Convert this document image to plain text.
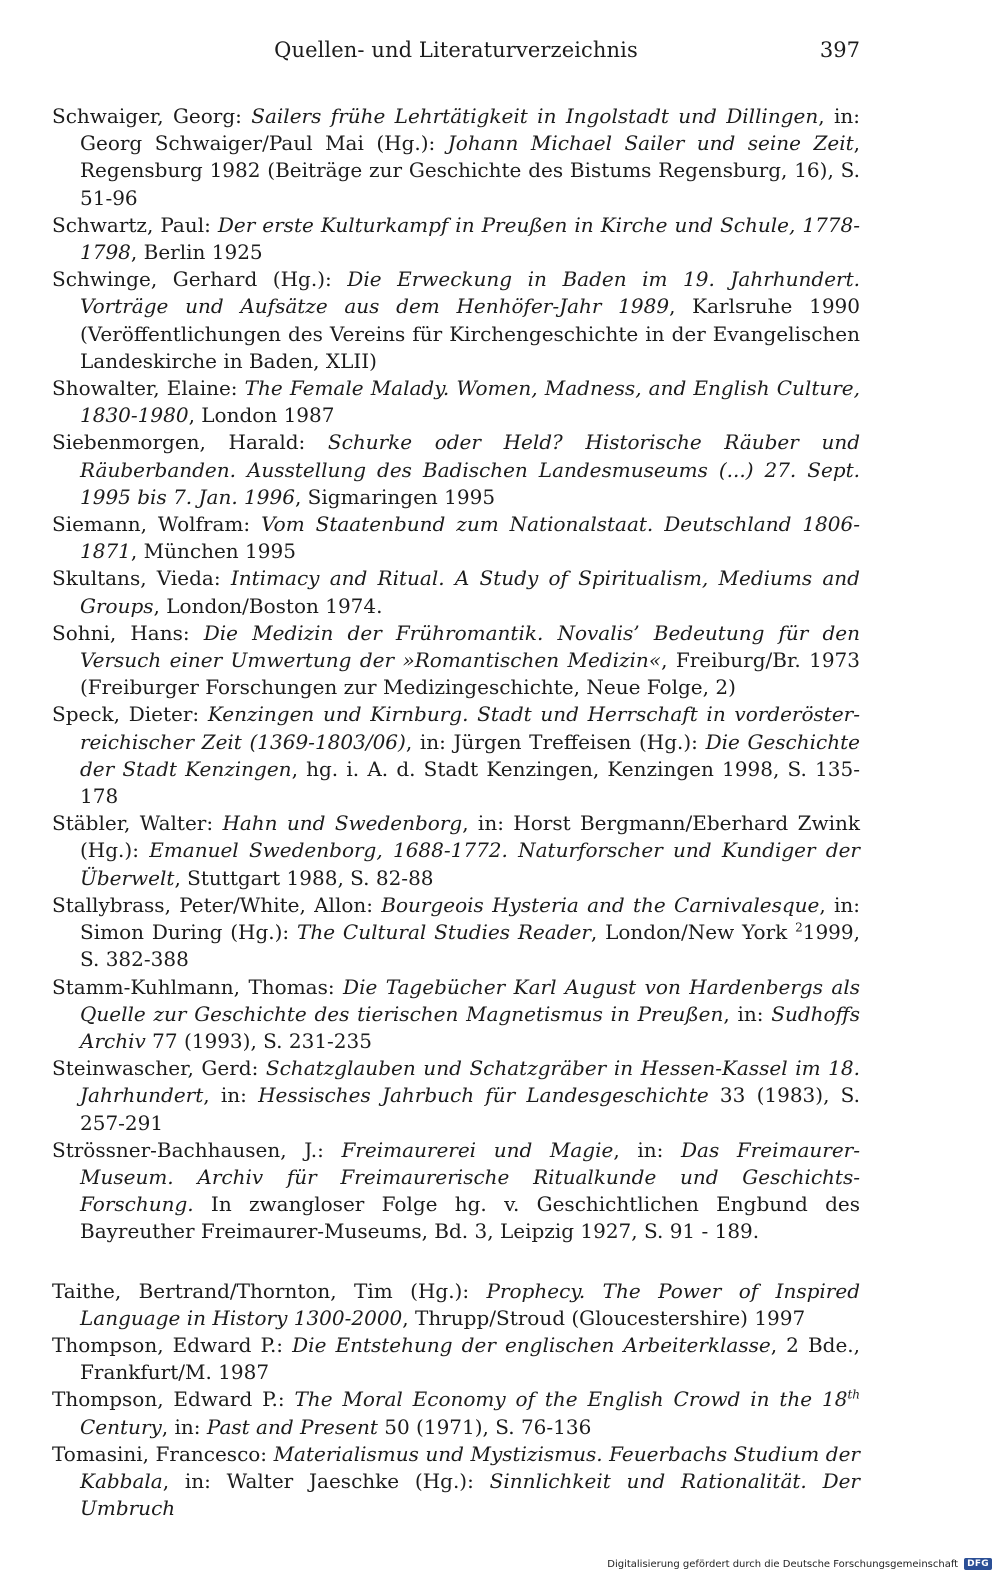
Quellen- und Literaturverzeichnis	397
Schwaiger, Georg: Sailers frühe Lehrtätigkeit in Ingolstadt und Dillingen, in: Georg Schwaiger/Paul Mai (Hg.): Johann Michael Sailer und seine Zeit, Regensburg 1982 (Beiträge zur Geschichte des Bistums Regensburg, 16), S. 51-96
Schwartz, Paul: Der erste Kulturkampf in Preußen in Kirche und Schule, 1778-1798, Berlin 1925
Schwinge, Gerhard (Hg.): Die Erweckung in Baden im 19. Jahrhundert. Vorträge und Aufsätze aus dem Henhöfer-Jahr 1989, Karlsruhe 1990 (Veröffentlichungen des Vereins für Kirchengeschichte in der Evangelischen Landeskirche in Baden, XLII)
Showalter, Elaine: The Female Malady. Women, Madness, and English Culture, 1830-1980, London 1987
Siebenmorgen, Harald: Schurke oder Held? Historische Räuber und Räuberbanden. Ausstellung des Badischen Landesmuseums (...) 27. Sept. 1995 bis 7. Jan. 1996, Sigmaringen 1995
Siemann, Wolfram: Vom Staatenbund zum Nationalstaat. Deutschland 1806-1871, München 1995
Skultans, Vieda: Intimacy and Ritual. A Study of Spiritualism, Mediums and Groups, London/Boston 1974.
Sohni, Hans: Die Medizin der Frühromantik. Novalis’ Bedeutung für den Versuch einer Umwertung der »Romantischen Medizin«, Freiburg/Br. 1973 (Freiburger Forschungen zur Medizingeschichte, Neue Folge, 2)
Speck, Dieter: Kenzingen und Kirnburg. Stadt und Herrschaft in vorderösterreichischer Zeit (1369-1803/06), in: Jürgen Treffeisen (Hg.): Die Geschichte der Stadt Kenzingen, hg. i. A. d. Stadt Kenzingen, Kenzingen 1998, S. 135-178
Stäbler, Walter: Hahn und Swedenborg, in: Horst Bergmann/Eberhard Zwink (Hg.): Emanuel Swedenborg, 1688-1772. Naturforscher und Kundiger der Überwelt, Stuttgart 1988, S. 82-88
Stallybrass, Peter/White, Allon: Bourgeois Hysteria and the Carnivalesque, in: Simon During (Hg.): The Cultural Studies Reader, London/New York $^2$1999, S. 382-388
Stamm-Kuhlmann, Thomas: Die Tagebücher Karl August von Hardenbergs als Quelle zur Geschichte des tierischen Magnetismus in Preußen, in: Sudhoffs Archiv 77 (1993), S. 231-235
Steinwascher, Gerd: Schatzglauben und Schatzgräber in Hessen-Kassel im 18. Jahrhundert, in: Hessisches Jahrbuch für Landesgeschichte 33 (1983), S. 257-291
Strössner-Bachhausen, J.: Freimaurerei und Magie, in: Das Freimaurer-Museum. Archiv für Freimaurerische Ritualkunde und Geschichts-Forschung. In zwangloser Folge hg. v. Geschichtlichen Engbund des Bayreuther Freimaurer-Museums, Bd. 3, Leipzig 1927, S. 91 - 189.
Taithe, Bertrand/Thornton, Tim (Hg.): Prophecy. The Power of Inspired Language in History 1300-2000, Thrupp/Stroud (Gloucestershire) 1997
Thompson, Edward P.: Die Entstehung der englischen Arbeiterklasse, 2 Bde., Frankfurt/M. 1987
Thompson, Edward P.: The Moral Economy of the English Crowd in the 18th Century, in: Past and Present 50 (1971), S. 76-136
Tomasini, Francesco: Materialismus und Mystizismus. Feuerbachs Studium der Kabbala, in: Walter Jaeschke (Hg.): Sinnlichkeit und Rationalität. Der Umbruch
Digitalisierung gefördert durch die Deutsche Forschungsgemeinschaft	DFG
